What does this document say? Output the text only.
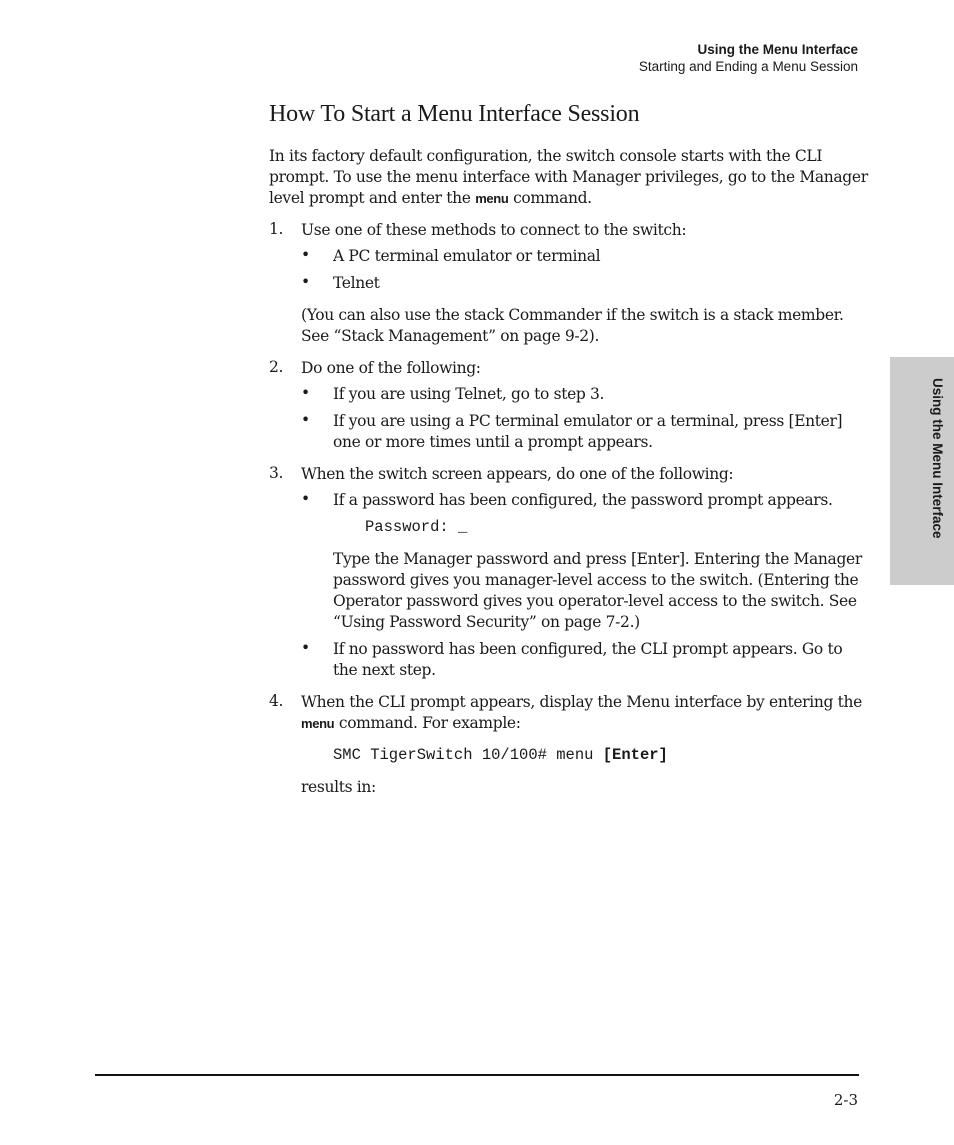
Using the Menu Interface
Starting and Ending a Menu Session
Using the Menu Interface
How To Start a Menu Interface Session

In its factory default configuration, the switch console starts with the CLI

prompt. To use the menu interface with Manager privileges, go to the Manager

level prompt and enter the menu command.

1. Use one of these methods to connect to the switch:

• A PC terminal emulator or terminal

• Telnet

(You can also use the stack Commander if the switch is a stack member.

See “Stack Management” on page 9-2).

2. Do one of the following:

• If you are using Telnet, go to step 3.

• If you are using a PC terminal emulator or a terminal, press [Enter]

one or more times until a prompt appears.

3. When the switch screen appears, do one of the following:

• If a password has been configured, the password prompt appears.

Password: _

Type the Manager password and press [Enter]. Entering the Manager

password gives you manager-level access to the switch. (Entering the

Operator password gives you operator-level access to the switch. See

“Using Password Security” on page 7-2.)

• If no password has been configured, the CLI prompt appears. Go to

the next step.

4. When the CLI prompt appears, display the Menu interface by entering the

menu command. For example:

SMC TigerSwitch 10/100# menu [Enter]

results in:

2-3
